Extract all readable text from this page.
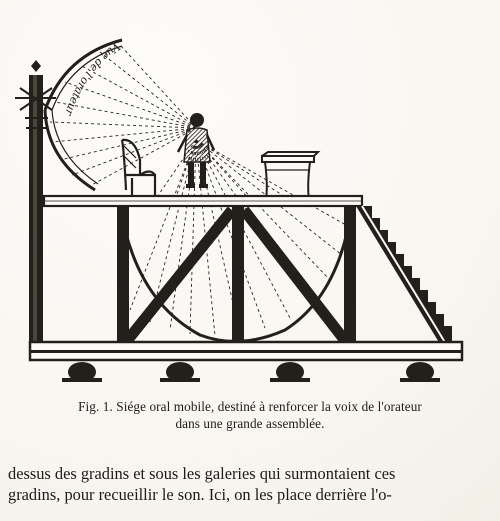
Vue de l'orateur
Fig. 1. Siége oral mobile, destiné à renforcer la voix de l'orateur
dans une grande assemblée.
dessus des gradins et sous les galeries qui surmontaient ces
gradins, pour recueillir le son. Ici, on les place derrière l'o-
